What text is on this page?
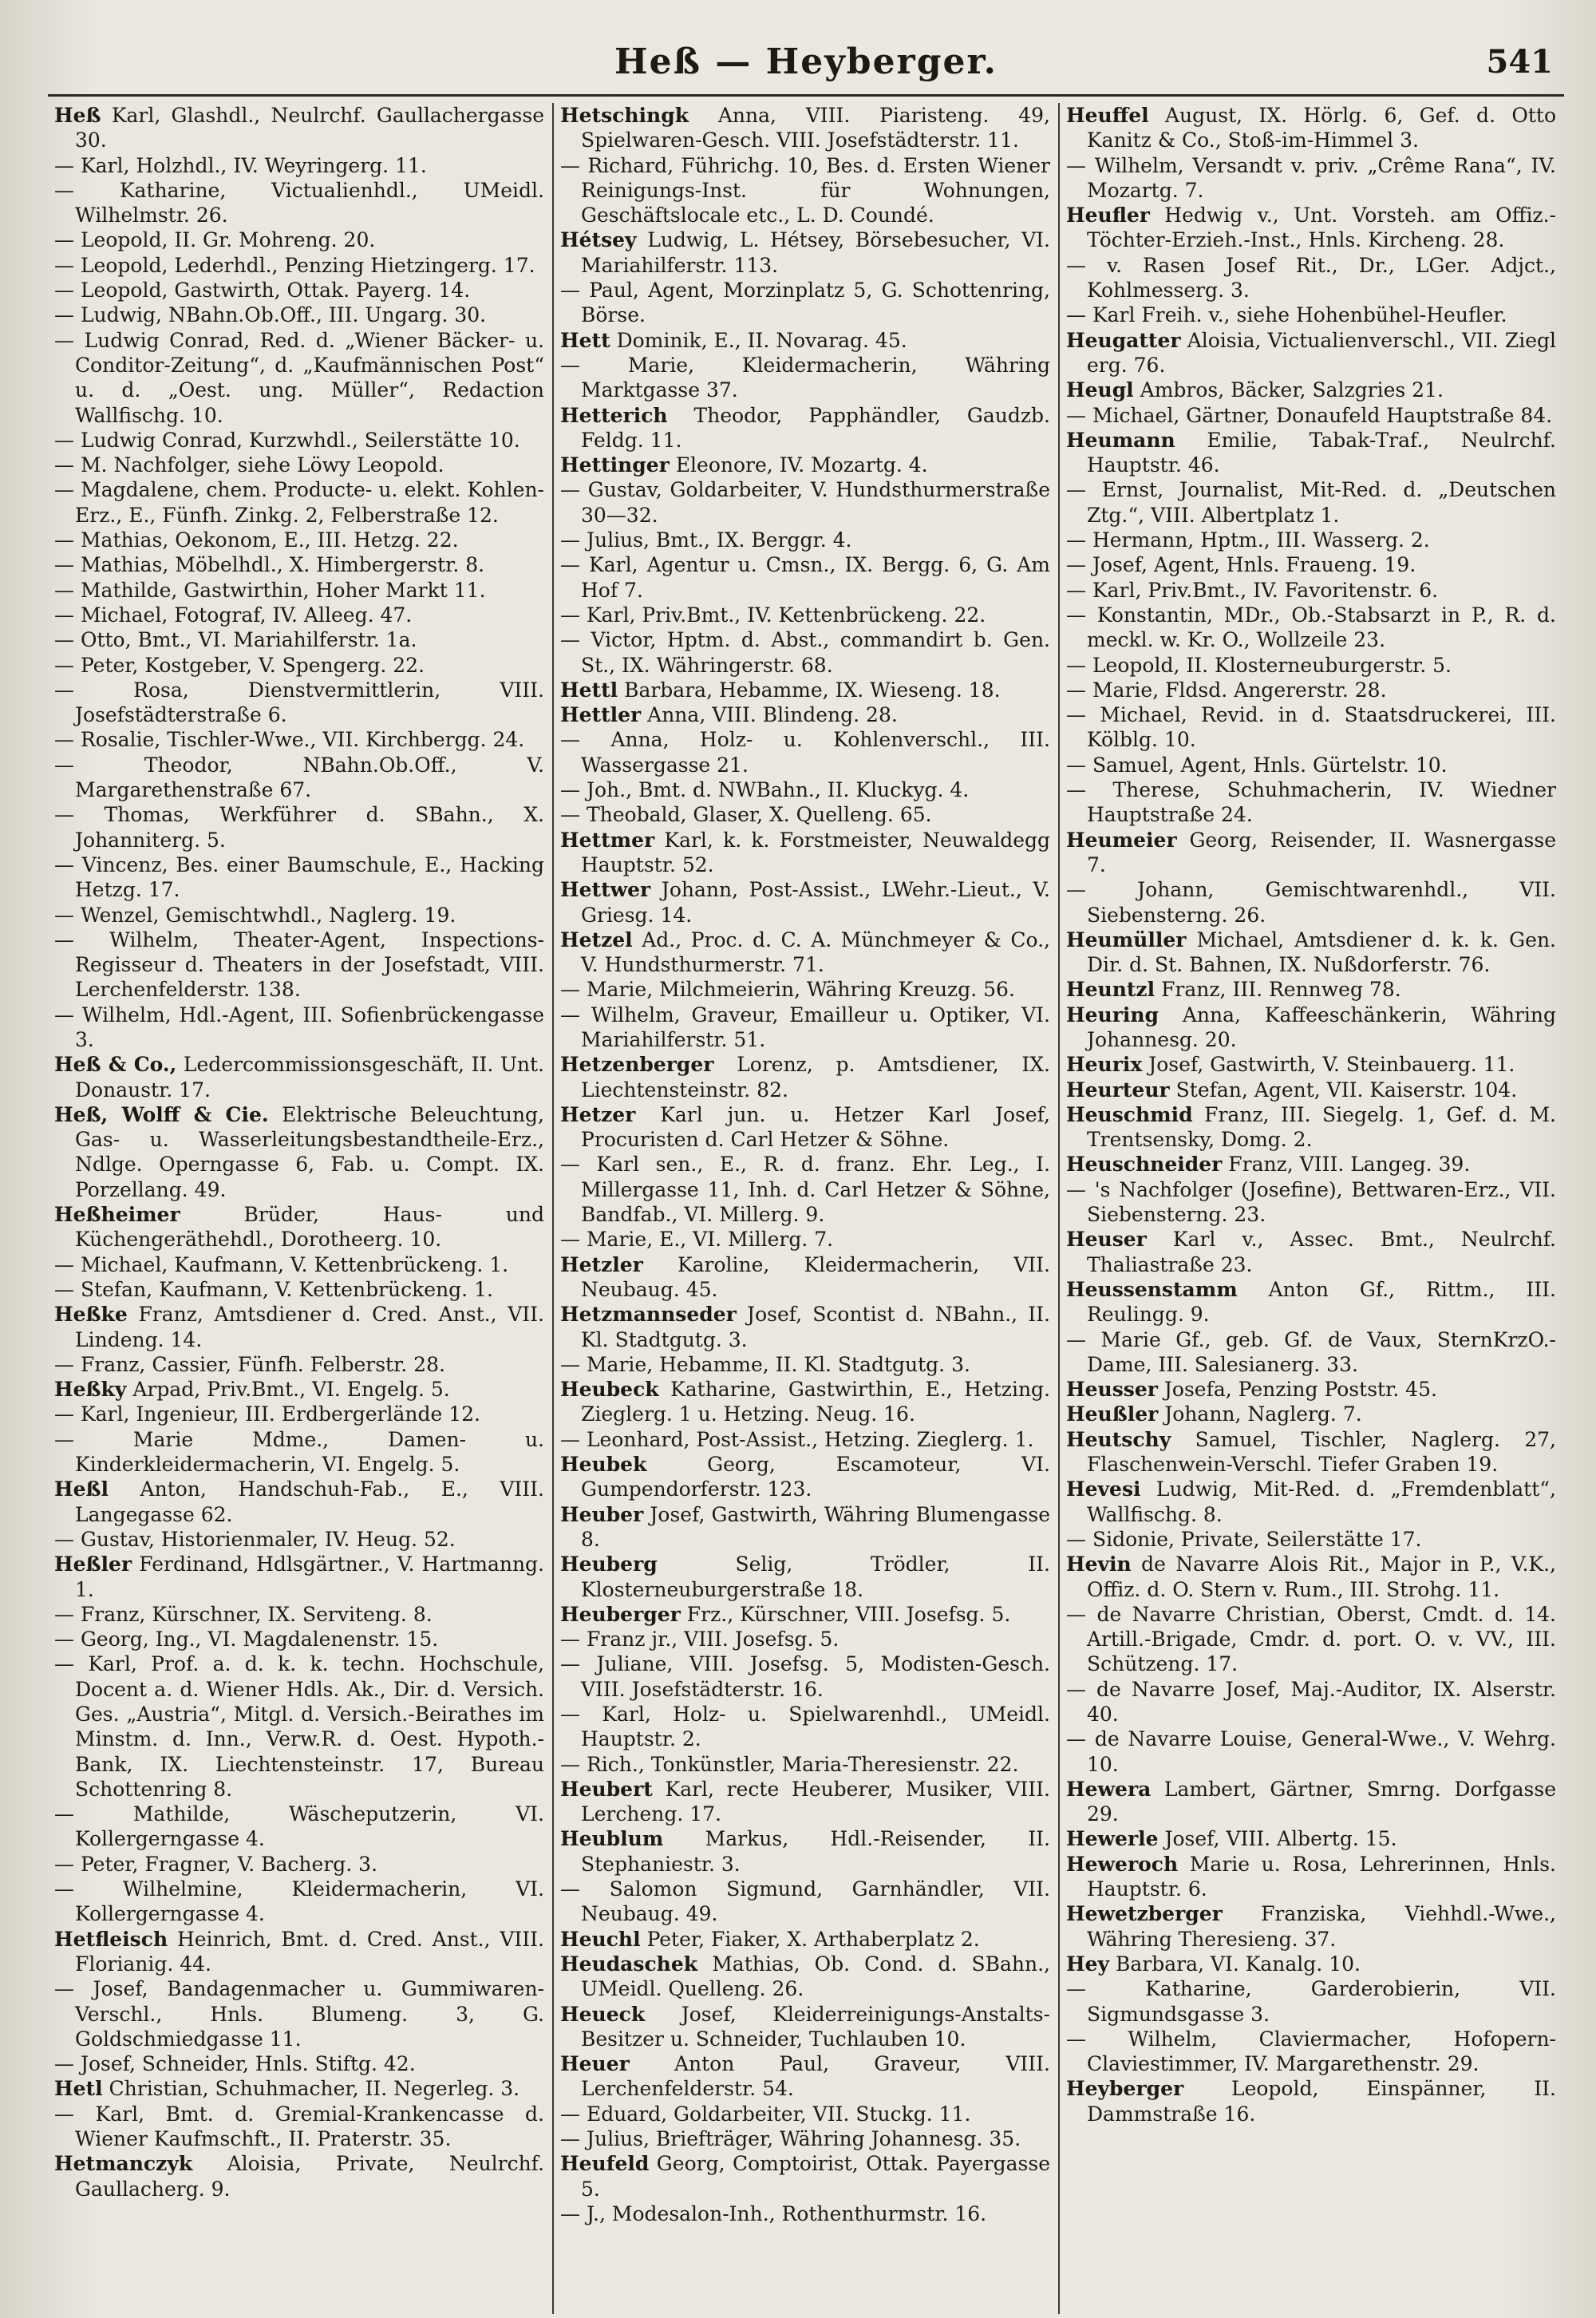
Heß — Heyberger.	541

Heß Karl, Glashdl., Neulrchf. Gaullachergasse 30.

— Karl, Holzhdl., IV. Weyringerg. 11.

— Katharine, Victualienhdl., UMeidl. Wilhelmstr. 26.

— Leopold, II. Gr. Mohreng. 20.

— Leopold, Lederhdl., Penzing Hietzingerg. 17.

— Leopold, Gastwirth, Ottak. Payerg. 14.

— Ludwig, NBahn.Ob.Off., III. Ungarg. 30.

— Ludwig Conrad, Red. d. „Wiener Bäcker- u. Conditor-Zeitung“, d. „Kaufmännischen Post“ u. d. „Oest. ung. Müller“, Redaction Wallfischg. 10.

— Ludwig Conrad, Kurzwhdl., Seilerstätte 10.

— M. Nachfolger, siehe Löwy Leopold.

— Magdalene, chem. Producte- u. elekt. Kohlen-Erz., E., Fünfh. Zinkg. 2, Felberstraße 12.

— Mathias, Oekonom, E., III. Hetzg. 22.

— Mathias, Möbelhdl., X. Himbergerstr. 8.

— Mathilde, Gastwirthin, Hoher Markt 11.

— Michael, Fotograf, IV. Alleeg. 47.

— Otto, Bmt., VI. Mariahilferstr. 1a.

— Peter, Kostgeber, V. Spengerg. 22.

— Rosa, Dienstvermittlerin, VIII. Josefstädterstraße 6.

— Rosalie, Tischler-Wwe., VII. Kirchbergg. 24.

— Theodor, NBahn.Ob.Off., V. Margarethenstraße 67.

— Thomas, Werkführer d. SBahn., X. Johanniterg. 5.

— Vincenz, Bes. einer Baumschule, E., Hacking Hetzg. 17.

— Wenzel, Gemischtwhdl., Naglerg. 19.

— Wilhelm, Theater-Agent, Inspections-Regisseur d. Theaters in der Josefstadt, VIII. Lerchenfelderstr. 138.

— Wilhelm, Hdl.-Agent, III. Sofienbrückengasse 3.

Heß & Co., Ledercommissionsgeschäft, II. Unt. Donaustr. 17.

Heß, Wolff & Cie. Elektrische Beleuchtung, Gas- u. Wasserleitungsbestandtheile-Erz., Ndlge. Operngasse 6, Fab. u. Compt. IX. Porzellang. 49.

Heßheimer	Brüder, Haus- und Küchengeräthehdl., Dorotheerg. 10.

— Michael, Kaufmann, V. Kettenbrückeng. 1.

— Stefan, Kaufmann, V. Kettenbrückeng. 1.

Heßke Franz, Amtsdiener d. Cred. Anst., VII. Lindeng. 14.

— Franz, Cassier, Fünfh. Felberstr. 28.

Heßky Arpad, Priv.Bmt., VI. Engelg. 5.

— Karl, Ingenieur, III. Erdbergerlände 12.

— Marie Mdme., Damen- u. Kinderkleidermacherin, VI. Engelg. 5.

Heßl Anton, Handschuh-Fab., E., VIII. Langegasse 62.

— Gustav, Historienmaler, IV. Heug. 52.

Heßler Ferdinand, Hdlsgärtner., V. Hartmanng. 1.

— Franz, Kürschner, IX. Serviteng. 8.

— Georg, Ing., VI. Magdalenenstr. 15.

— Karl, Prof. a. d. k. k. techn. Hochschule, Docent a. d. Wiener Hdls. Ak., Dir. d. Versich. Ges. „Austria“, Mitgl. d. Versich.-Beirathes im Minstm. d. Inn., Verw.R. d. Oest. Hypoth.-Bank, IX. Liechtensteinstr. 17, Bureau Schottenring 8.

— Mathilde, Wäscheputzerin, VI. Kollergerngasse 4.

— Peter, Fragner, V. Bacherg. 3.

— Wilhelmine, Kleidermacherin, VI. Kollergerngasse 4.

Hetfleisch Heinrich, Bmt. d. Cred. Anst., VIII. Florianig. 44.

— Josef, Bandagenmacher u. Gummiwaren-Verschl., Hnls. Blumeng. 3, G. Goldschmiedgasse 11.

— Josef, Schneider, Hnls. Stiftg. 42.

Hetl Christian, Schuhmacher, II. Negerleg. 3.

— Karl, Bmt. d. Gremial-Krankencasse d. Wiener Kaufmschft., II. Praterstr. 35.

Hetmanczyk Aloisia, Private, Neulrchf. Gaullacherg. 9.

Hetschingk Anna, VIII. Piaristeng. 49, Spielwaren-Gesch. VIII. Josefstädterstr. 11.

— Richard, Führichg. 10, Bes. d. Ersten Wiener Reinigungs-Inst. für Wohnungen, Geschäftslocale etc., L. D. Coundé.

Hétsey Ludwig, L. Hétsey, Börsebesucher, VI. Mariahilferstr. 113.

— Paul, Agent, Morzinplatz 5, G. Schottenring, Börse.

Hett Dominik, E., II. Novarag. 45.

— Marie, Kleidermacherin, Währing Marktgasse 37.

Hetterich Theodor, Papphändler, Gaudzb. Feldg. 11.

Hettinger Eleonore, IV. Mozartg. 4.

— Gustav, Goldarbeiter, V. Hundsthurmerstraße 30—32.

— Julius, Bmt., IX. Berggr. 4.

— Karl, Agentur u. Cmsn., IX. Bergg. 6, G. Am Hof 7.

— Karl, Priv.Bmt., IV. Kettenbrückeng. 22.

— Victor, Hptm. d. Abst., commandirt b. Gen. St., IX. Währingerstr. 68.

Hettl Barbara, Hebamme, IX. Wieseng. 18.

Hettler Anna, VIII. Blindeng. 28.

— Anna, Holz- u. Kohlenverschl., III. Wassergasse 21.

— Joh., Bmt. d. NWBahn., II. Kluckyg. 4.

— Theobald, Glaser, X. Quelleng. 65.

Hettmer Karl, k. k. Forstmeister, Neuwaldegg Hauptstr. 52.

Hettwer Johann, Post-Assist., LWehr.-Lieut., V. Griesg. 14.

Hetzel Ad., Proc. d. C. A. Münchmeyer & Co., V. Hundsthurmerstr. 71.

— Marie, Milchmeierin, Währing Kreuzg. 56.

— Wilhelm, Graveur, Emailleur u. Optiker, VI. Mariahilferstr. 51.

Hetzenberger Lorenz, p. Amtsdiener, IX. Liechtensteinstr. 82.

Hetzer Karl jun. u. Hetzer Karl Josef, Procuristen d. Carl Hetzer & Söhne.

— Karl sen., E., R. d. franz. Ehr. Leg., I. Millergasse 11, Inh. d. Carl Hetzer & Söhne, Bandfab., VI. Millerg. 9.

— Marie, E., VI. Millerg. 7.

Hetzler Karoline, Kleidermacherin, VII. Neubaug. 45.

Hetzmannseder Josef, Scontist d. NBahn., II. Kl. Stadtgutg. 3.

— Marie, Hebamme, II. Kl. Stadtgutg. 3.

Heubeck Katharine, Gastwirthin, E., Hetzing. Zieglerg. 1 u. Hetzing. Neug. 16.

— Leonhard, Post-Assist., Hetzing. Zieglerg. 1.

Heubek	Georg, Escamoteur, VI. Gumpendorferstr. 123.

Heuber Josef, Gastwirth, Währing Blumengasse 8.

Heuberg	Selig, Trödler, II. Klosterneuburgerstraße 18.

Heuberger Frz., Kürschner, VIII. Josefsg. 5.

— Franz jr., VIII. Josefsg. 5.

— Juliane, VIII. Josefsg. 5, Modisten-Gesch. VIII. Josefstädterstr. 16.

— Karl, Holz- u. Spielwarenhdl., UMeidl. Hauptstr. 2.

— Rich., Tonkünstler, Maria-Theresienstr. 22.

Heubert Karl, recte Heuberer, Musiker, VIII. Lercheng. 17.

Heublum Markus, Hdl.-Reisender, II. Stephaniestr. 3.

— Salomon Sigmund, Garnhändler, VII. Neubaug. 49.

Heuchl Peter, Fiaker, X. Arthaberplatz 2.

Heudaschek Mathias, Ob. Cond. d. SBahn., UMeidl. Quelleng. 26.

Heueck Josef, Kleiderreinigungs-Anstalts-Besitzer u. Schneider, Tuchlauben 10.

Heuer Anton Paul, Graveur, VIII. Lerchenfelderstr. 54.

— Eduard, Goldarbeiter, VII. Stuckg. 11.

— Julius, Briefträger, Währing Johannesg. 35.

Heufeld Georg, Comptoirist, Ottak. Payergasse 5.

— J., Modesalon-Inh., Rothenthurmstr. 16.

Heuffel August, IX. Hörlg. 6, Gef. d. Otto Kanitz & Co., Stoß-im-Himmel 3.

— Wilhelm, Versandt v. priv. „Crême Rana“, IV. Mozartg. 7.

Heufler Hedwig v., Unt. Vorsteh. am Offiz.-Töchter-Erzieh.-Inst., Hnls. Kircheng. 28.

— v. Rasen Josef Rit., Dr., LGer. Adjct., Kohlmesserg. 3.

— Karl Freih. v., siehe Hohenbühel-Heufler.

Heugatter Aloisia, Victualienverschl., VII. Ziegl erg. 76.

Heugl Ambros, Bäcker, Salzgries 21.

— Michael, Gärtner, Donaufeld Hauptstraße 84.

Heumann Emilie, Tabak-Traf., Neulrchf. Hauptstr. 46.

— Ernst, Journalist, Mit-Red. d. „Deutschen Ztg.“, VIII. Albertplatz 1.

— Hermann, Hptm., III. Wasserg. 2.

— Josef, Agent, Hnls. Fraueng. 19.

— Karl, Priv.Bmt., IV. Favoritenstr. 6.

— Konstantin, MDr., Ob.-Stabsarzt in P., R. d. meckl. w. Kr. O., Wollzeile 23.

— Leopold, II. Klosterneuburgerstr. 5.

— Marie, Fldsd. Angererstr. 28.

— Michael, Revid. in d. Staatsdruckerei, III. Kölblg. 10.

— Samuel, Agent, Hnls. Gürtelstr. 10.

— Therese, Schuhmacherin, IV. Wiedner Hauptstraße 24.

Heumeier Georg, Reisender, II. Wasnergasse 7.

— Johann, Gemischtwarenhdl., VII. Siebensterng. 26.

Heumüller Michael, Amtsdiener d. k. k. Gen. Dir. d. St. Bahnen, IX. Nußdorferstr. 76.

Heuntzl Franz, III. Rennweg 78.

Heuring Anna, Kaffeeschänkerin, Währing Johannesg. 20.

Heurix Josef, Gastwirth, V. Steinbauerg. 11.

Heurteur Stefan, Agent, VII. Kaiserstr. 104.

Heuschmid Franz, III. Siegelg. 1, Gef. d. M. Trentsensky, Domg. 2.

Heuschneider Franz, VIII. Langeg. 39.

— 's Nachfolger (Josefine), Bettwaren-Erz., VII. Siebensterng. 23.

Heuser Karl v., Assec. Bmt., Neulrchf. Thaliastraße 23.

Heussenstamm Anton Gf., Rittm., III. Reulingg. 9.

— Marie Gf., geb. Gf. de Vaux, SternKrzO.-Dame, III. Salesianerg. 33.

Heusser Josefa, Penzing Poststr. 45.

Heußler Johann, Naglerg. 7.

Heutschy Samuel, Tischler, Naglerg. 27, Flaschenwein-Verschl. Tiefer Graben 19.

Hevesi Ludwig, Mit-Red. d. „Fremdenblatt“, Wallfischg. 8.

— Sidonie, Private, Seilerstätte 17.

Hevin de Navarre Alois Rit., Major in P., V.K., Offiz. d. O. Stern v. Rum., III. Strohg. 11.

— de Navarre Christian, Oberst, Cmdt. d. 14. Artill.-Brigade, Cmdr. d. port. O. v. VV., III. Schützeng. 17.

— de Navarre Josef, Maj.-Auditor, IX. Alserstr. 40.

— de Navarre Louise, General-Wwe., V. Wehrg. 10.

Hewera Lambert, Gärtner, Smrng. Dorfgasse 29.

Hewerle Josef, VIII. Albertg. 15.

Heweroch Marie u. Rosa, Lehrerinnen, Hnls. Hauptstr. 6.

Hewetzberger Franziska, Viehhdl.-Wwe., Währing Theresieng. 37.

Hey Barbara, VI. Kanalg. 10.

— Katharine, Garderobierin, VII. Sigmundsgasse 3.

— Wilhelm, Claviermacher, Hofopern-Claviestimmer, IV. Margarethenstr. 29.

Heyberger Leopold, Einspänner, II. Dammstraße 16.
